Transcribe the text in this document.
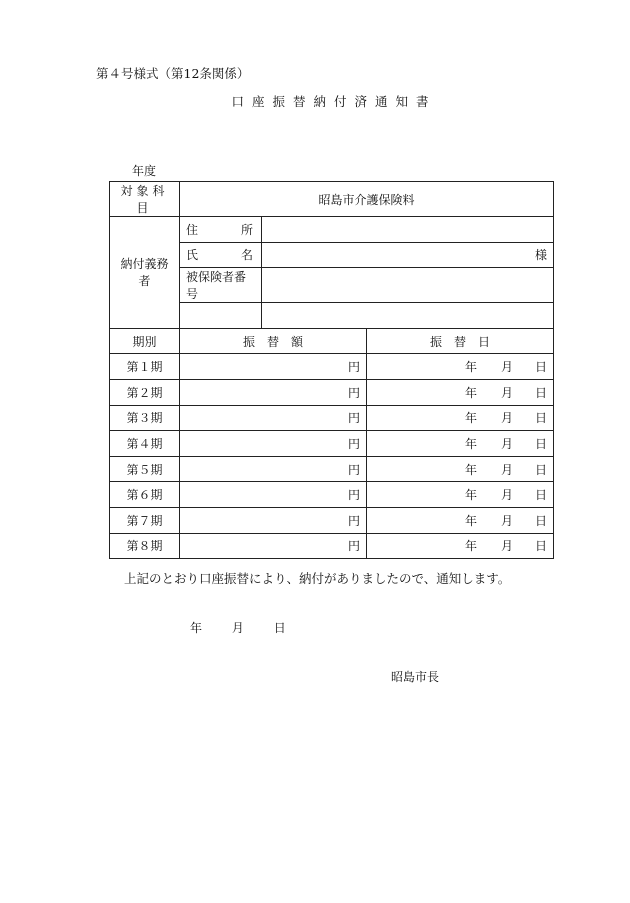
第４号様式（第12条関係）
口座振替納付済通知書
年度
対象科目	昭島市介護保険料		
納付義務者	住 所		

	氏 名	様	
	被保険者番号		

期別	振　替　額		振　替　日
第１期	円		年 月 日

第２期	円		年 月 日

第３期	円		年 月 日

第４期	円		年 月 日

第５期	円		年 月 日

第６期	円		年 月 日

第７期	円		年 月 日

第８期	円		年 月 日
上記のとおり口座振替により、納付がありましたので、通知します。
年 月 日
昭島市長
